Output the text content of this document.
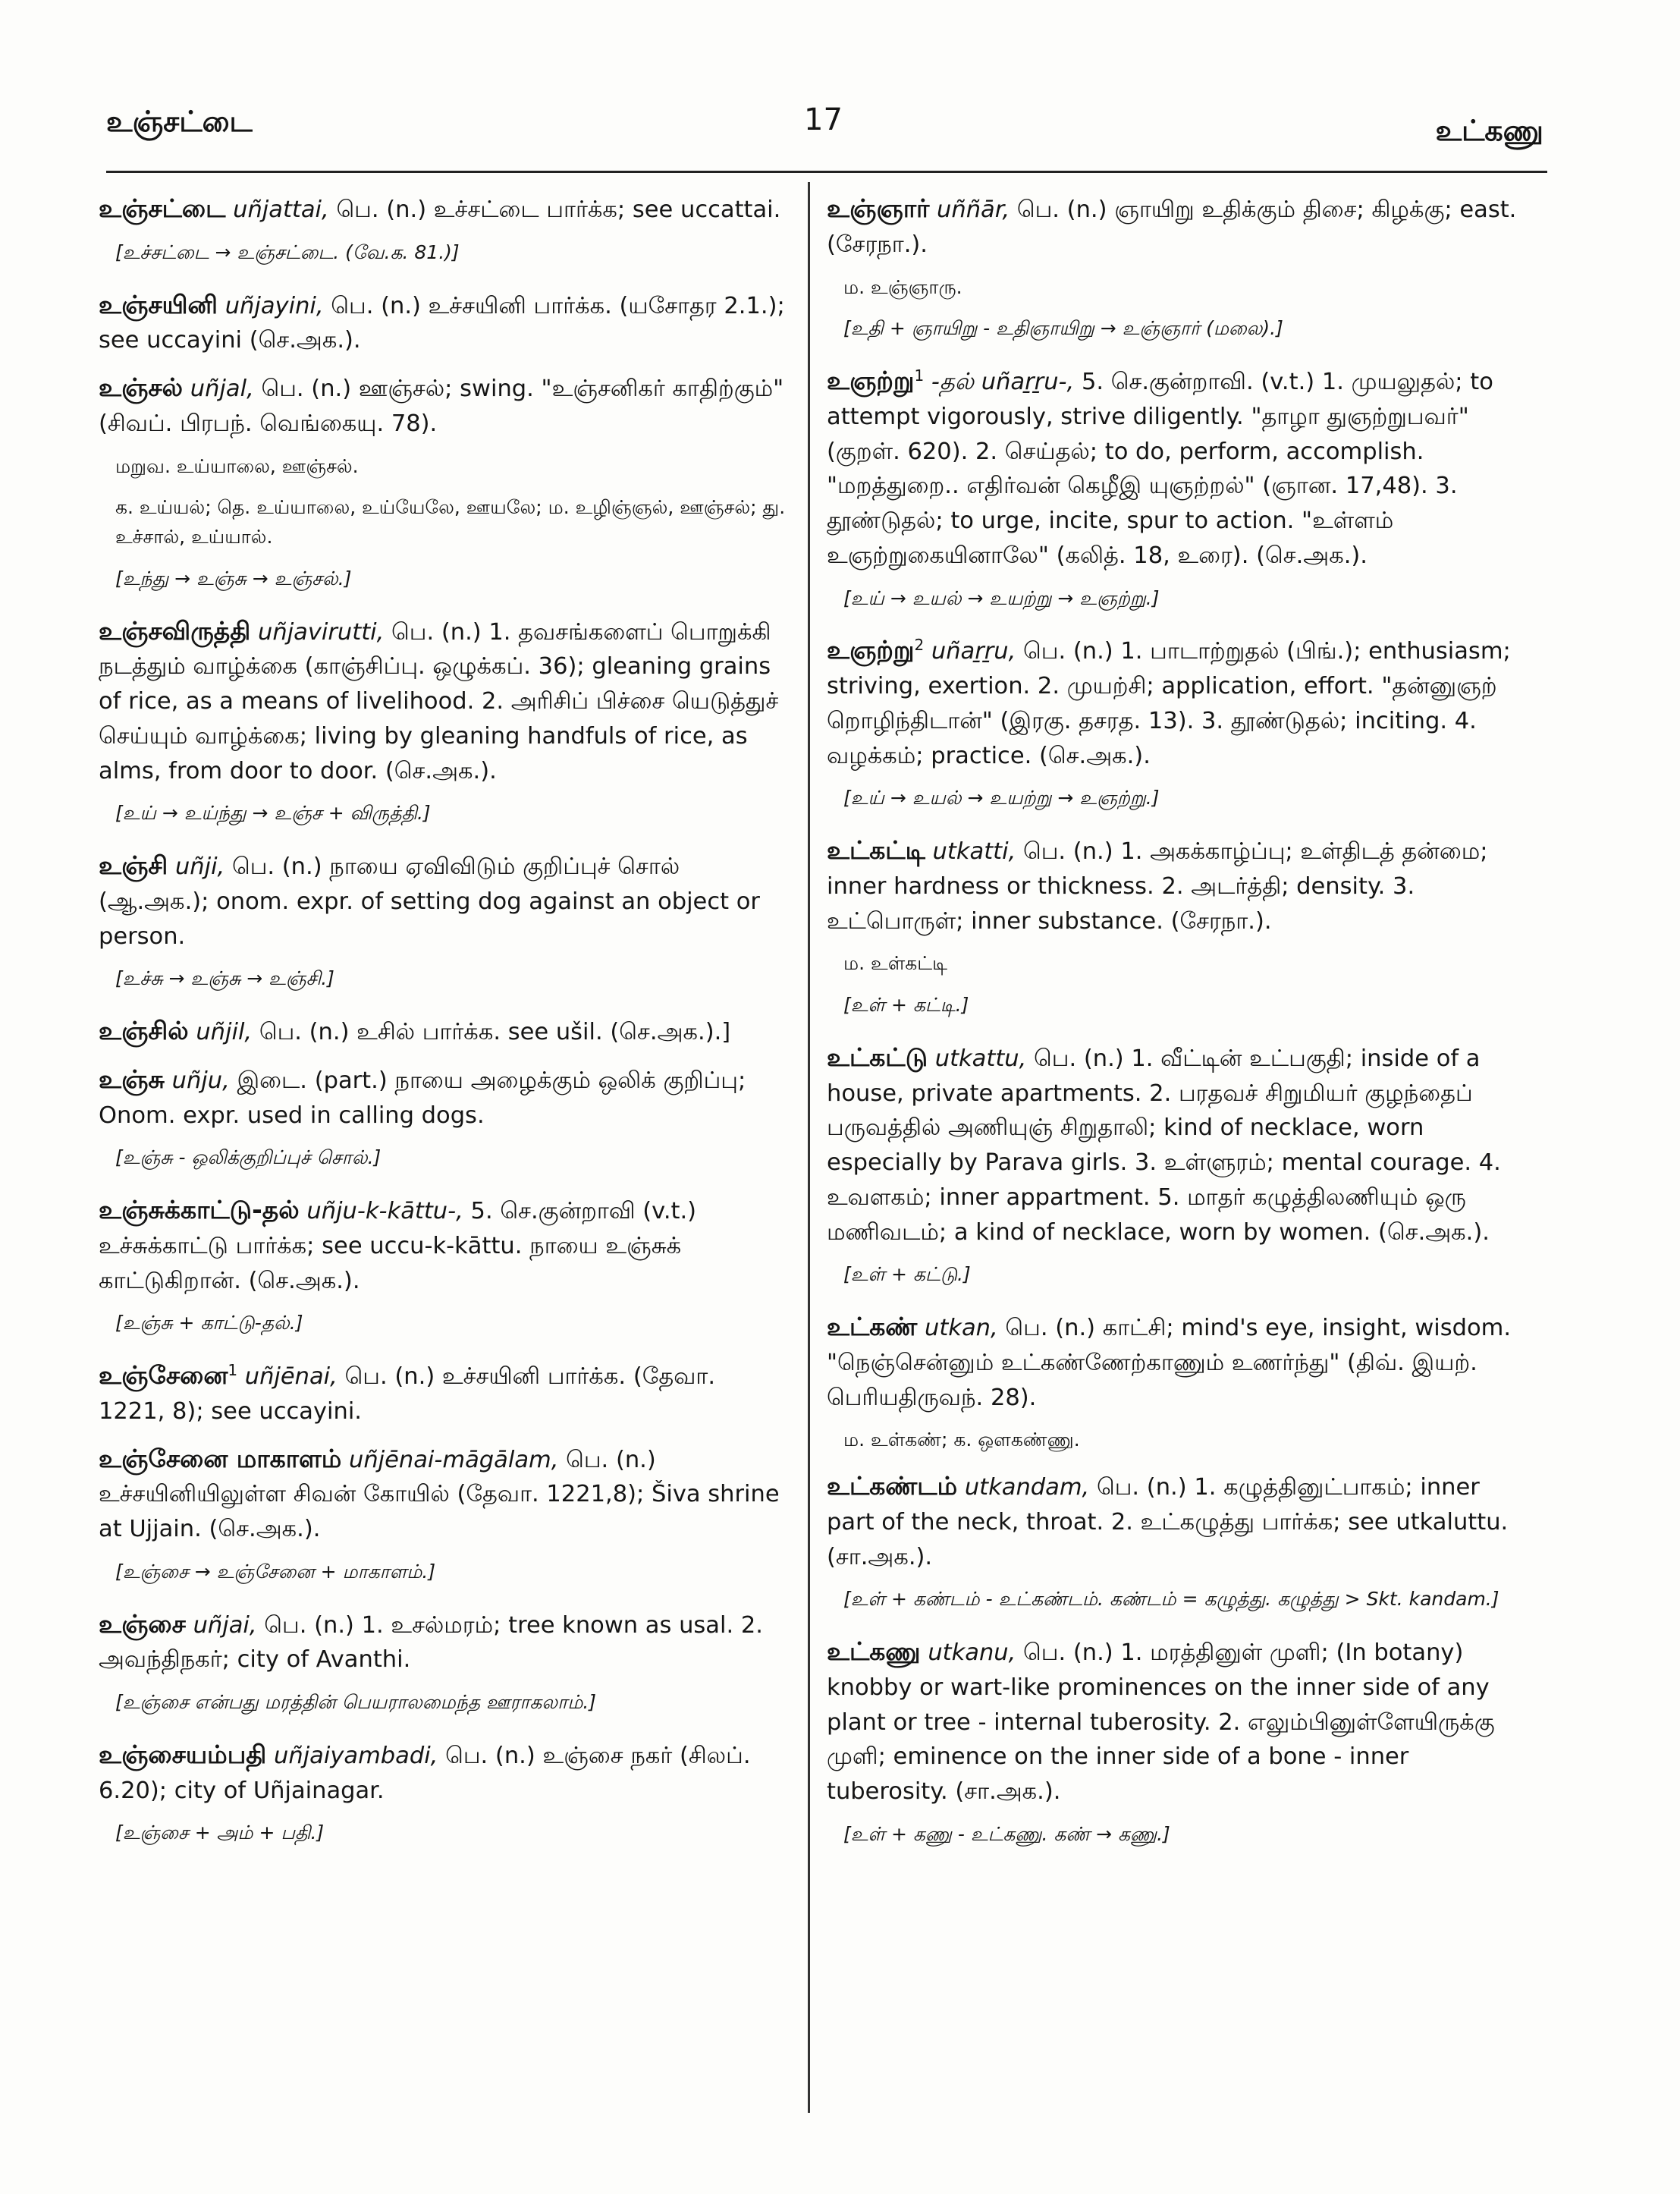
உஞ்சட்டை	17	உட்கணு
உஞ்சட்டை uñjattai, பெ. (n.) உச்சட்டை பார்க்க; see uccattai.
[உச்சட்டை → உஞ்சட்டை. (வே.க. 81.)]
உஞ்சயினி uñjayini, பெ. (n.) உச்சயினி பார்க்க. (யசோதர 2.1.); see uccayini (செ.அக.).
உஞ்சல் uñjal, பெ. (n.) ஊஞ்சல்; swing. "உஞ்சனிகர் காதிற்கும்" (சிவப். பிரபந். வெங்கையு. 78).
மறுவ. உய்யாலை, ஊஞ்சல்.
க. உய்யல்; தெ. உய்யாலை, உய்யேலே, ஊயலே; ம. உழிஞ்ஞல், ஊஞ்சல்; து. உச்சால், உய்யால்.
[உந்து → உஞ்சு → உஞ்சல்.]
உஞ்சவிருத்தி uñjavirutti, பெ. (n.) 1. தவசங்களைப் பொறுக்கி நடத்தும் வாழ்க்கை (காஞ்சிப்பு. ஒழுக்கப். 36); gleaning grains of rice, as a means of livelihood. 2. அரிசிப் பிச்சை யெடுத்துச் செய்யும் வாழ்க்கை; living by gleaning handfuls of rice, as alms, from door to door. (செ.அக.).
[உய் → உய்ந்து → உஞ்ச + விருத்தி.]
உஞ்சி uñji, பெ. (n.) நாயை ஏவிவிடும் குறிப்புச் சொல் (ஆ.அக.); onom. expr. of setting dog against an object or person.
[உச்சு → உஞ்சு → உஞ்சி.]
உஞ்சில் uñjil, பெ. (n.) உசில் பார்க்க. see ušil. (செ.அக.).]
உஞ்சு uñju, இடை. (part.) நாயை அழைக்கும் ஒலிக் குறிப்பு; Onom. expr. used in calling dogs.
[உஞ்சு - ஒலிக்குறிப்புச் சொல்.]
உஞ்சுக்காட்டு-தல் uñju-k-kāttu-, 5. செ.குன்றாவி (v.t.) உச்சுக்காட்டு பார்க்க; see uccu-k-kāttu. நாயை உஞ்சுக் காட்டுகிறான். (செ.அக.).
[உஞ்சு + காட்டு-தல்.]
உஞ்சேனை$^1$ uñjēnai, பெ. (n.) உச்சயினி பார்க்க. (தேவா. 1221, 8); see uccayini.
உஞ்சேனை மாகாளம் uñjēnai-māgālam, பெ. (n.) உச்சயினியிலுள்ள சிவன் கோயில் (தேவா. 1221,8); Šiva shrine at Ujjain. (செ.அக.).
[உஞ்சை → உஞ்சேனை + மாகாளம்.]
உஞ்சை uñjai, பெ. (n.) 1. உசல்மரம்; tree known as usal. 2. அவந்திநகர்; city of Avanthi.
[உஞ்சை என்பது மரத்தின் பெயராலமைந்த ஊராகலாம்.]
உஞ்சையம்பதி uñjaiyambadi, பெ. (n.) உஞ்சை நகர் (சிலப். 6.20); city of Uñjainagar.
[உஞ்சை + அம் + பதி.]
உஞ்ஞார் uññār, பெ. (n.) ஞாயிறு உதிக்கும் திசை; கிழக்கு; east. (சேரநா.).
ம. உஞ்ஞாரு.
[உதி + ஞாயிறு - உதிஞாயிறு → உஞ்ஞார் (மலை).]
உஞற்று$^1$ -தல் uñaṟṟu-, 5. செ.குன்றாவி. (v.t.) 1. முயலுதல்; to attempt vigorously, strive diligently. "தாழா துஞற்றுபவர்" (குறள். 620). 2. செய்தல்; to do, perform, accomplish. "மறத்துறை.. எதிர்வன் கெழீஇ யுஞற்றல்" (ஞான. 17,48). 3. தூண்டுதல்; to urge, incite, spur to action. "உள்ளம் உஞற்றுகையினாலே" (கலித். 18, உரை). (செ.அக.).
[உய் → உயல் → உயற்று → உஞற்று.]
உஞற்று$^2$ uñaṟṟu, பெ. (n.) 1. பாடாற்றுதல் (பிங்.); enthusiasm; striving, exertion. 2. முயற்சி; application, effort. "தன்னுஞற் றொழிந்திடான்" (இரகு. தசரத. 13). 3. தூண்டுதல்; inciting. 4. வழக்கம்; practice. (செ.அக.).
[உய் → உயல் → உயற்று → உஞற்று.]
உட்கட்டி utkatti, பெ. (n.) 1. அகக்காழ்ப்பு; உள்திடத் தன்மை; inner hardness or thickness. 2. அடர்த்தி; density. 3. உட்பொருள்; inner substance. (சேரநா.).
ம. உள்கட்டி
[உள் + கட்டி.]
உட்கட்டு utkattu, பெ. (n.) 1. வீட்டின் உட்பகுதி; inside of a house, private apartments. 2. பரதவச் சிறுமியர் குழந்தைப் பருவத்தில் அணியுஞ் சிறுதாலி; kind of necklace, worn especially by Parava girls. 3. உள்ளுரம்; mental courage. 4. உவளகம்; inner appartment. 5. மாதர் கழுத்திலணியும் ஒரு மணிவடம்; a kind of necklace, worn by women. (செ.அக.).
[உள் + கட்டு.]
உட்கண் utkan, பெ. (n.) காட்சி; mind's eye, insight, wisdom. "நெஞ்சென்னும் உட்கண்ணேற்காணும் உணர்ந்து" (திவ். இயற். பெரியதிருவந். 28).
ம. உள்கண்; க. ஒளகண்ணு.
உட்கண்டம் utkandam, பெ. (n.) 1. கழுத்தினுட்பாகம்; inner part of the neck, throat. 2. உட்கழுத்து பார்க்க; see utkaluttu. (சா.அக.).
[உள் + கண்டம் - உட்கண்டம். கண்டம் = கழுத்து. கழுத்து > Skt. kandam.]
உட்கணு utkanu, பெ. (n.) 1. மரத்தினுள் முளி; (In botany) knobby or wart-like prominences on the inner side of any plant or tree - internal tuberosity. 2. எலும்பினுள்ளேயிருக்கு முளி; eminence on the inner side of a bone - inner tuberosity. (சா.அக.).
[உள் + கணு - உட்கணு. கண் → கணு.]
